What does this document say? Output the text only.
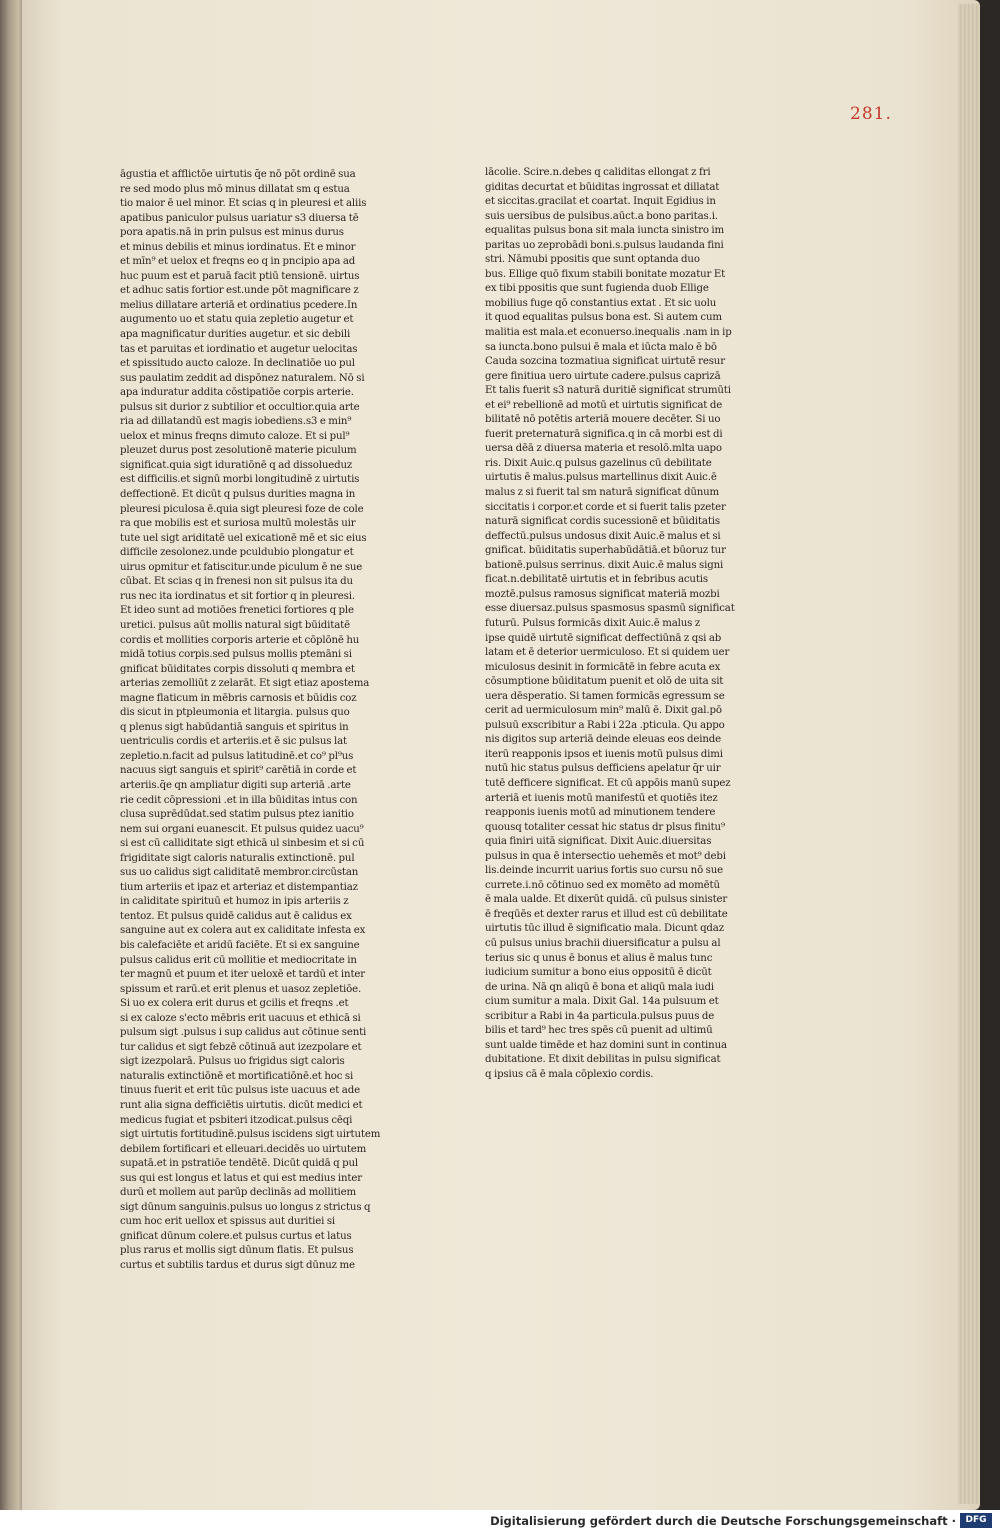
281.
āgustia et afflictōe uirtutis q̄e nō pōt ordinē sua
re sed modo plus mō minus dillatat sm q estua
tio maior ē uel minor. Et scias q in pleuresi et aliis
apatibus paniculor pulsus uariatur s3 diuersa tē
pora apatis.nā in prin pulsus est minus durus
et minus debilis et minus iordinatus. Et e minor
et mīn⁹ et uelox et freqns eo q in pncipio apa ad
huc puum est et paruā facit ptiū tensionē. uirtus
et adhuc satis fortior est.unde pōt magnificare z
melius dillatare arteriā et ordinatius pcedere.In
augumento uo et statu quia zepletio augetur et
apa magnificatur durities augetur. et sic debili
tas et paruitas et iordinatio et augetur uelocitas
et spissitudo aucto caloze. In declinatiōe uo pul
sus paulatim zeddit ad dispōnez naturalem. Nō si
apa induratur addita cōstipatiōe corpis arterie.
pulsus sit durior z subtilior et occultior.quia arte
ria ad dillatandū est magis iobediens.s3 e min⁹
uelox et minus freqns dimuto caloze. Et si pul⁹
pleuzet durus post zesolutionē materie piculum
significat.quia sigt iduratiōnē q ad dissolueduz
est difficilis.et signū morbi longitudinē z uirtutis
deffectionē. Et dicūt q pulsus durities magna in
pleuresi piculosa ē.quia sigt pleuresi foze de cole
ra que mobilis est et suriosa multū molestās uir
tute uel sigt ariditatē uel exicationē mē et sic eius
difficile zesolonez.unde pculdubio plongatur et
uirus opmitur et fatiscitur.unde piculum ē ne sue
cūbat. Et scias q in frenesi non sit pulsus ita du
rus nec ita iordinatus et sit fortior q in pleuresi.
Et ideo sunt ad motiōes frenetici fortiores q ple
uretici. pulsus aūt mollis natural sigt būiditatē
cordis et mollities corporis arterie et cōplōnē hu
midā totius corpis.sed pulsus mollis ptemāni si
gnificat būiditates corpis dissoluti q membra et
arterias zemolliūt z zelarāt. Et sigt etiaz apostema
magne flaticum in mēbris carnosis et būidis coz
dis sicut in ptpleumonia et litargia. pulsus quo
q plenus sigt habūdantiā sanguis et spiritus in
uentriculis cordis et arteriis.et ē sic pulsus lat
zepletio.n.facit ad pulsus latitudinē.et co⁹ pl⁹us
nacuus sigt sanguis et spirit⁹ carētiā in corde et
arteriis.q̄e qn ampliatur digiti sup arteriā .arte
rie cedit cōpressioni .et in illa būiditas intus con
clusa suprēdūdat.sed statim pulsus ptez ianitio
nem sui organi euanescit. Et pulsus quidez uacu⁹
si est cū calliditate sigt ethicā ul sinbesim et si cū
frigiditate sigt caloris naturalis extinctionē. pul
sus uo calidus sigt caliditatē membror.circūstan
tium arteriis et ipaz et arteriaz et distempantiaz
in caliditate spirituū et humoz in ipis arteriis z
tentoz. Et pulsus quidē calidus aut ē calidus ex
sanguine aut ex colera aut ex caliditate infesta ex
bis calefaciēte et aridū faciēte. Et si ex sanguine
pulsus calidus erit cū mollitie et mediocritate in
ter magnū et puum et iter ueloxē et tardū et inter
spissum et rarū.et erit plenus et uasoz zepletiōe.
Si uo ex colera erit durus et gcilis et freqns .et
si ex caloze s'ecto mēbris erit uacuus et ethicā si
pulsum sigt .pulsus i sup calidus aut cōtinue senti
tur calidus et sigt febzē cōtinuā aut izezpolare et
sigt izezpolarā. Pulsus uo frigidus sigt caloris
naturalis extinctiōnē et mortificatiōnē.et hoc si
tinuus fuerit et erit tūc pulsus iste uacuus et ade
runt alia signa defficiētis uirtutis. dicūt medici et
medicus fugiat et psbiteri itzodicat.pulsus cēqi
sigt uirtutis fortitudinē.pulsus iscidens sigt uirtutem
debilem fortificari et elleuari.decidēs uo uirtutem
supatā.et in pstratiōe tendētē. Dicūt quidā q pul
sus qui est longus et latus et qui est medius inter
durū et mollem aut parūp declinās ad mollitiem
sigt dūnum sanguinis.pulsus uo longus z strictus q
cum hoc erit uellox et spissus aut duritiei si
gnificat dūnum colere.et pulsus curtus et latus
plus rarus et mollis sigt dūnum flatis. Et pulsus
curtus et subtilis tardus et durus sigt dūnuz me
lācolie. Scire.n.debes q caliditas ellongat z fri
giditas decurtat et būiditas ingrossat et dillatat
et siccitas.gracilat et coartat. Inquit Egidius in
suis uersibus de pulsibus.aūct.a bono paritas.i.
equalitas pulsus bona sit mala iuncta sinistro im
paritas uo zeprobādi boni.s.pulsus laudanda fini
stri. Nāmubi ppositis que sunt optanda duo
bus. Ellige quō fixum stabili bonitate mozatur Et
ex tibi ppositis que sunt fugienda duob Ellige
mobilius fuge qō constantius extat . Et sic uolu
it quod equalitas pulsus bona est. Si autem cum
malitia est mala.et econuerso.inequalis .nam in ip
sa iuncta.bono pulsui ē mala et iūcta malo ē bō
Cauda sozcina tozmatiua significat uirtutē resur
gere finitiua uero uirtute cadere.pulsus caprizā
Et talis fuerit s3 naturā duritiē significat strumūti
et ei⁹ rebellionē ad motū et uirtutis significat de
bilitatē nō potētis arteriā mouere decēter. Si uo
fuerit preternaturā significa.q in cā morbi est di
uersa dēā z diuersa materia et resolō.mlta uapo
ris. Dixit Auic.q pulsus gazelinus cū debilitate
uirtutis ē malus.pulsus martellinus dixit Auic.ē
malus z si fuerit tal sm naturā significat dūnum
siccitatis i corpor.et corde et si fuerit talis pzeter
naturā significat cordis sucessionē et būiditatis
deffectū.pulsus undosus dixit Auic.ē malus et si
gnificat. būiditatis superhabūdātiā.et būoruz tur
bationē.pulsus serrinus. dixit Auic.ē malus signi
ficat.n.debilitatē uirtutis et in febribus acutis
moztē.pulsus ramosus significat materiā mozbi
esse diuersaz.pulsus spasmosus spasmū significat
futurū. Pulsus formicās dixit Auic.ē malus z
ipse quidē uirtutē significat deffectiūnā z qsi ab
latam et ē deterior uermiculoso. Et si quidem uer
miculosus desinit in formicātē in febre acuta ex
cōsumptione būiditatum puenit et olō de uita sit
uera dēsperatio. Si tamen formicās egressum se
cerit ad uermiculosum min⁹ malū ē. Dixit gal.pō
pulsuū exscribitur a Rabi i 22a .pticula. Qu appo
nis digitos sup arteriā deinde eleuas eos deinde
iterū reapponis ipsos et iuenis motū pulsus dimi
nutū hic status pulsus defficiens apelatur q̄r uir
tutē defficere significat. Et cū appōis manū supez
arteriā et iuenis motū manifestū et quotiēs itez
reapponis iuenis motū ad minutionem tendere
quousq totaliter cessat hic status dr plsus finitu⁹
quia finiri uitā significat. Dixit Auic.diuersitas
pulsus in qua ē intersectio uehemēs et mot⁹ debi
lis.deinde incurrit uarius fortis suo cursu nō sue
currete.i.nō cōtinuo sed ex momēto ad momētū
ē mala ualde. Et dixerūt quidā. cū pulsus sinister
ē freqūēs et dexter rarus et illud est cū debilitate
uirtutis tūc illud ē significatio mala. Dicunt qdaz
cū pulsus unius brachii diuersificatur a pulsu al
terius sic q unus ē bonus et alius ē malus tunc
iudicium sumitur a bono eius oppositū ē dicūt
de urina. Nā qn aliqū ē bona et aliqū mala iudi
cium sumitur a mala. Dixit Gal. 14a pulsuum et
scribitur a Rabi in 4a particula.pulsus puus de
bilis et tard⁹ hec tres spēs cū puenit ad ultimū
sunt ualde timēde et haz domini sunt in continua
dubitatione. Et dixit debilitas in pulsu significat
q ipsius cā ē mala cōplexio cordis.
Digitalisierung gefördert durch die Deutsche Forschungsgemeinschaft ·	DFG
